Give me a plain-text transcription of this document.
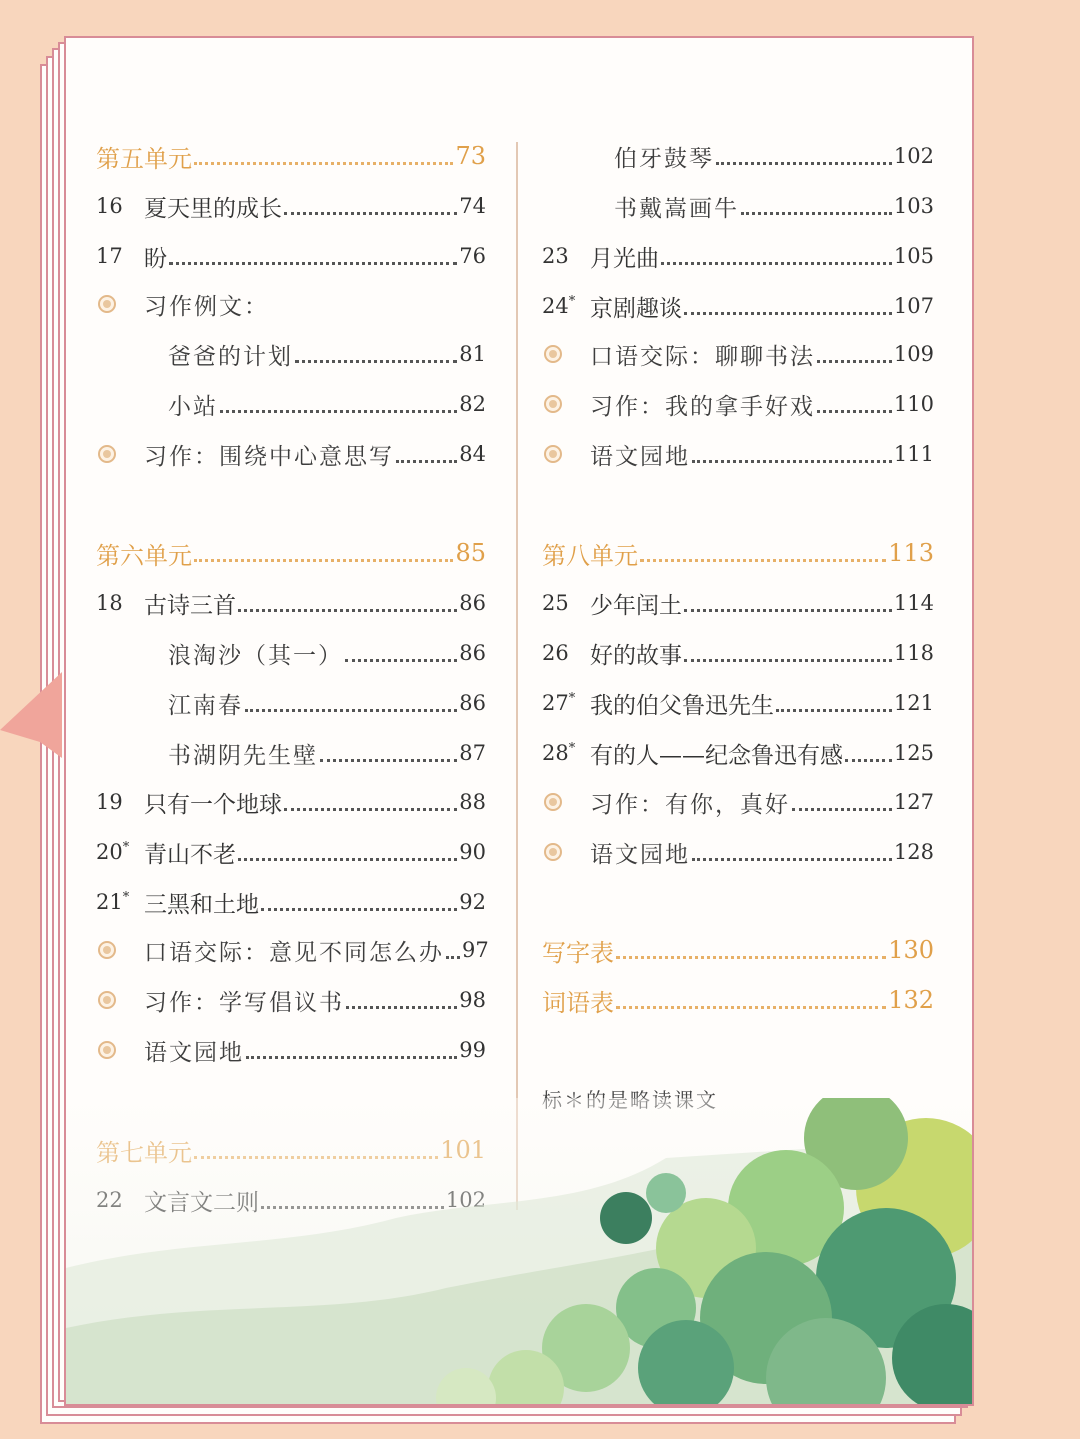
第五单元	73
16 夏天里的成长	74
17 盼	76
习作例文：
爸爸的计划	81
小站	82
习作：围绕中心意思写	84
第六单元	85
18 古诗三首	86
浪淘沙（其一）	86
江南春	86
书湖阴先生壁	87
19 只有一个地球	88
20* 青山不老	90
21* 三黑和土地	92
口语交际：意见不同怎么办 97
习作：学写倡议书	98
语文园地	99
第七单元	101
22 文言文二则	102
伯牙鼓琴	102
书戴嵩画牛	103
23 月光曲	105
24* 京剧趣谈	107
口语交际：聊聊书法	109
习作：我的拿手好戏	110
语文园地	111
第八单元	113
25 少年闰土	114
26 好的故事	118
27* 我的伯父鲁迅先生	121
28* 有的人——纪念鲁迅有感 125
习作：有你，真好	127
语文园地	128
写字表	130
词语表	132
标＊的是略读课文
